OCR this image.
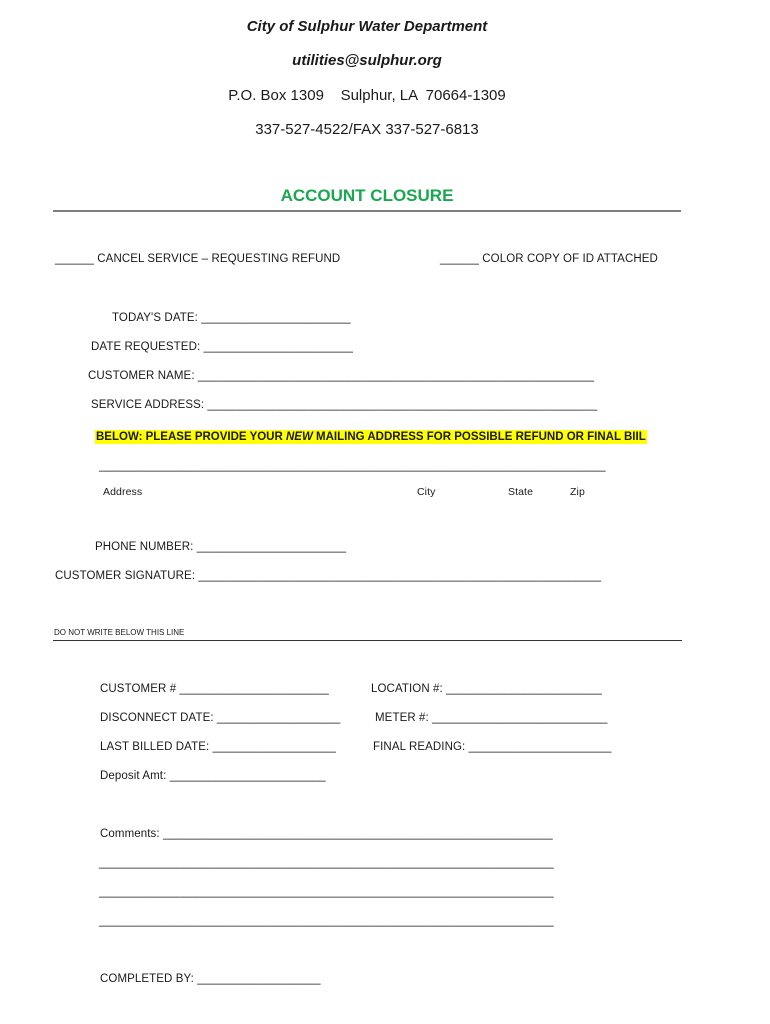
City of Sulphur Water Department
utilities@sulphur.org
P.O. Box 1309    Sulphur, LA  70664-1309
337-527-4522/FAX 337-527-6813
ACCOUNT CLOSURE
______ CANCEL SERVICE – REQUESTING REFUND	______ COLOR COPY OF ID ATTACHED
TODAY'S DATE: _______________________
DATE REQUESTED: _______________________
CUSTOMER NAME: _____________________________________________________________
SERVICE ADDRESS: ____________________________________________________________
BELOW: PLEASE PROVIDE YOUR NEW MAILING ADDRESS FOR POSSIBLE REFUND OR FINAL BIIL
______________________________________________________________________________
Address	City	State	Zip
PHONE NUMBER: _______________________
CUSTOMER SIGNATURE: ______________________________________________________________
DO NOT WRITE BELOW THIS LINE
CUSTOMER # _______________________	LOCATION #: ________________________
DISCONNECT DATE: ___________________	METER #: ___________________________
LAST BILLED DATE: ___________________	FINAL READING: ______________________
Deposit Amt: ________________________
Comments: ____________________________________________________________
______________________________________________________________________
______________________________________________________________________
______________________________________________________________________
COMPLETED BY: ___________________
